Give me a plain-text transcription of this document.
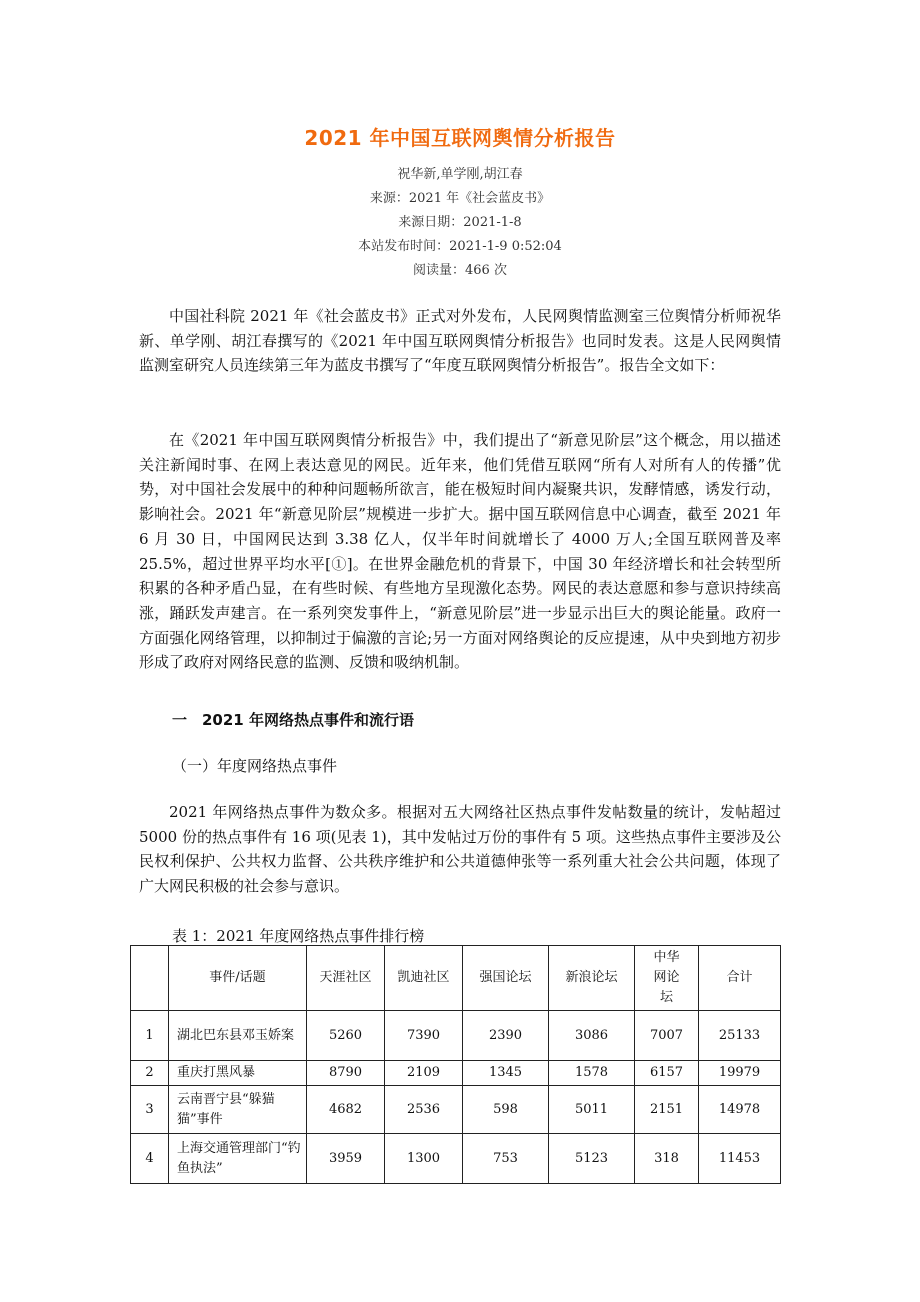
2021 年中国互联网舆情分析报告
祝华新,单学刚,胡江春
来源：2021 年《社会蓝皮书》
来源日期：2021-1-8
本站发布时间：2021-1-9 0:52:04
阅读量：466 次

中国社科院 2021 年《社会蓝皮书》正式对外发布，人民网舆情监测室三位舆情分析师祝华新、单学刚、胡江春撰写的《2021 年中国互联网舆情分析报告》也同时发表。这是人民网舆情监测室研究人员连续第三年为蓝皮书撰写了“年度互联网舆情分析报告”。报告全文如下：

在《2021 年中国互联网舆情分析报告》中，我们提出了“新意见阶层”这个概念，用以描述关注新闻时事、在网上表达意见的网民。近年来，他们凭借互联网“所有人对所有人的传播”优势，对中国社会发展中的种种问题畅所欲言，能在极短时间内凝聚共识，发酵情感，诱发行动，影响社会。2021 年“新意见阶层”规模进一步扩大。据中国互联网信息中心调查，截至 2021 年 6 月 30 日，中国网民达到 3.38 亿人，仅半年时间就增长了 4000 万人;全国互联网普及率 25.5%，超过世界平均水平[①]。在世界金融危机的背景下，中国 30 年经济增长和社会转型所积累的各种矛盾凸显，在有些时候、有些地方呈现激化态势。网民的表达意愿和参与意识持续高涨，踊跃发声建言。在一系列突发事件上，“新意见阶层”进一步显示出巨大的舆论能量。政府一方面强化网络管理，以抑制过于偏激的言论;另一方面对网络舆论的反应提速，从中央到地方初步形成了政府对网络民意的监测、反馈和吸纳机制。

一　2021 年网络热点事件和流行语
（一）年度网络热点事件

2021 年网络热点事件为数众多。根据对五大网络社区热点事件发帖数量的统计，发帖超过 5000 份的热点事件有 16 项(见表 1)，其中发帖过万份的事件有 5 项。这些热点事件主要涉及公民权利保护、公共权力监督、公共秩序维护和公共道德伸张等一系列重大社会公共问题，体现了广大网民积极的社会参与意识。

表 1：2021 年度网络热点事件排行榜
	事件/话题	天涯社区	凯迪社区	强国论坛	新浪论坛	中华网论坛	合计
1	湖北巴东县邓玉娇案	5260	7390	2390	3086	7007	25133
2	重庆打黑风暴	8790	2109	1345	1578	6157	19979
3	云南晋宁县“躲猫猫”事件	4682	2536	598	5011	2151	14978
4	上海交通管理部门“钓鱼执法”	3959	1300	753	5123	318	11453
